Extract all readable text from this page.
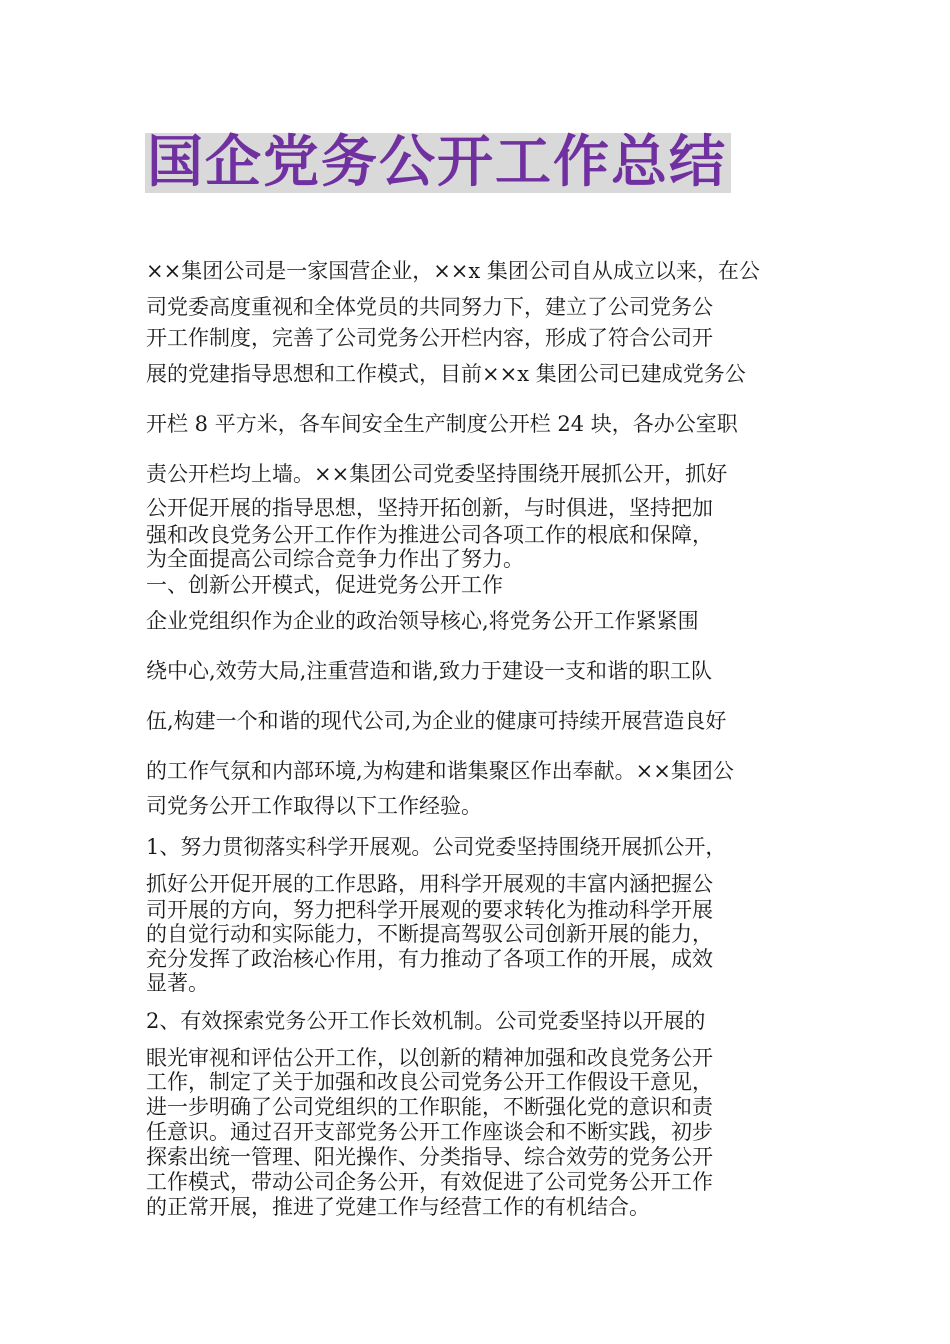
国企党务公开工作总结

××集团公司是一家国营企业，××x 集团公司自从成立以来，在公

司党委高度重视和全体党员的共同努力下，建立了公司党务公

开工作制度，完善了公司党务公开栏内容，形成了符合公司开

展的党建指导思想和工作模式，目前××x 集团公司已建成党务公

开栏 8 平方米，各车间安全生产制度公开栏 24 块，各办公室职

责公开栏均上墙。××集团公司党委坚持围绕开展抓公开，抓好

公开促开展的指导思想，坚持开拓创新，与时俱进，坚持把加

强和改良党务公开工作作为推进公司各项工作的根底和保障，

为全面提高公司综合竞争力作出了努力。

一、创新公开模式，促进党务公开工作

企业党组织作为企业的政治领导核心,将党务公开工作紧紧围

绕中心,效劳大局,注重营造和谐,致力于建设一支和谐的职工队

伍,构建一个和谐的现代公司,为企业的健康可持续开展营造良好

的工作气氛和内部环境,为构建和谐集聚区作出奉献。××集团公

司党务公开工作取得以下工作经验。

1、努力贯彻落实科学开展观。公司党委坚持围绕开展抓公开，

抓好公开促开展的工作思路，用科学开展观的丰富内涵把握公

司开展的方向，努力把科学开展观的要求转化为推动科学开展

的自觉行动和实际能力，不断提高驾驭公司创新开展的能力，

充分发挥了政治核心作用，有力推动了各项工作的开展，成效

显著。

2、有效探索党务公开工作长效机制。公司党委坚持以开展的

眼光审视和评估公开工作，以创新的精神加强和改良党务公开

工作，制定了关于加强和改良公司党务公开工作假设干意见，

进一步明确了公司党组织的工作职能，不断强化党的意识和责

任意识。通过召开支部党务公开工作座谈会和不断实践，初步

探索出统一管理、阳光操作、分类指导、综合效劳的党务公开

工作模式，带动公司企务公开，有效促进了公司党务公开工作

的正常开展，推进了党建工作与经营工作的有机结合。
